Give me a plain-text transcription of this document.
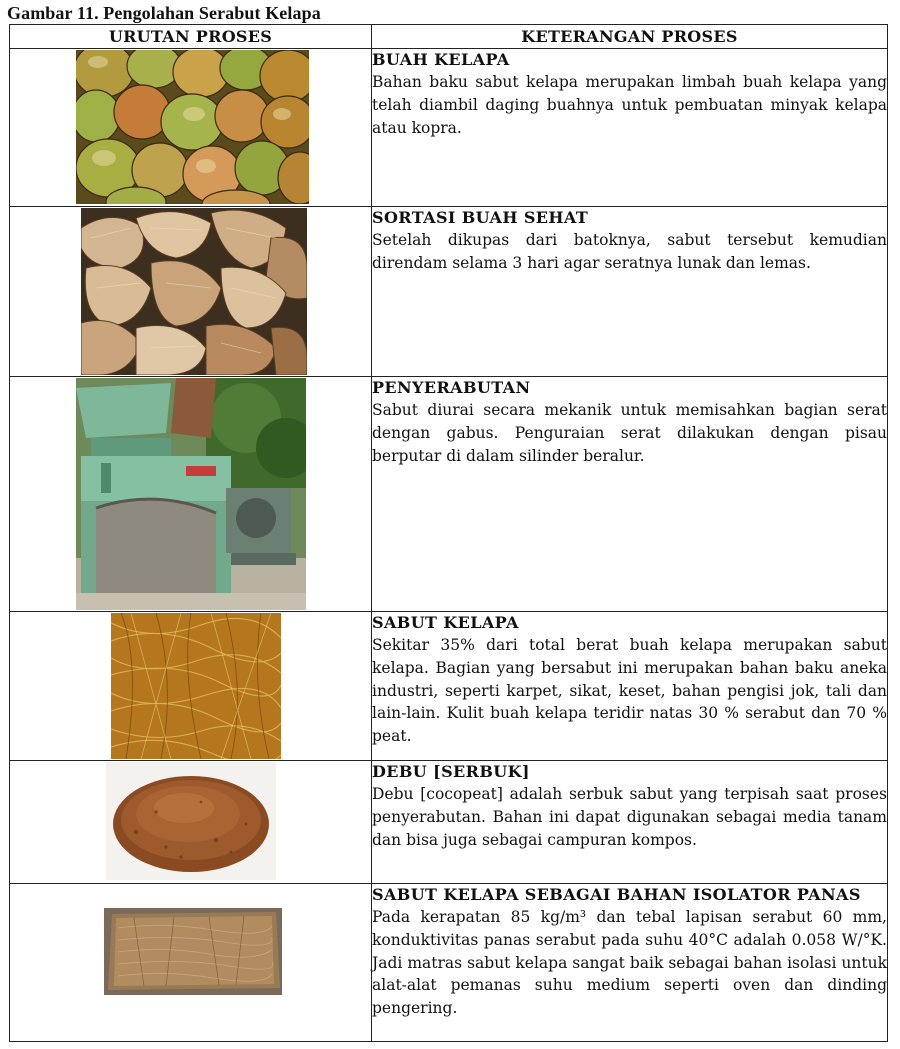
Gambar 11. Pengolahan Serabut Kelapa
URUTAN PROSES	KETERANGAN PROSES

BUAH KELAPA
Bahan baku sabut kelapa merupakan limbah buah kelapa yang telah diambil daging buahnya untuk pembuatan minyak kelapa atau kopra.

SORTASI BUAH SEHAT
Setelah dikupas dari batoknya, sabut tersebut kemudian direndam selama 3 hari agar seratnya lunak dan lemas.

PENYERABUTAN
Sabut diurai secara mekanik untuk memisahkan bagian serat dengan gabus. Penguraian serat dilakukan dengan pisau berputar di dalam silinder beralur.

SABUT KELAPA
Sekitar 35% dari total berat buah kelapa merupakan sabut kelapa. Bagian yang bersabut ini merupakan bahan baku aneka industri, seperti karpet, sikat, keset, bahan pengisi jok, tali dan lain-lain. Kulit buah kelapa teridir natas 30 % serabut dan 70 % peat.

DEBU [SERBUK]
Debu [cocopeat] adalah serbuk sabut yang terpisah saat proses penyerabutan. Bahan ini dapat digunakan sebagai media tanam dan bisa juga sebagai campuran kompos.

SABUT KELAPA SEBAGAI BAHAN ISOLATOR PANAS
Pada kerapatan 85 kg/m³ dan tebal lapisan serabut 60 mm, konduktivitas panas serabut pada suhu 40°C adalah 0.058 W/°K. Jadi matras sabut kelapa sangat baik sebagai bahan isolasi untuk alat-alat pemanas suhu medium seperti oven dan dinding pengering.
